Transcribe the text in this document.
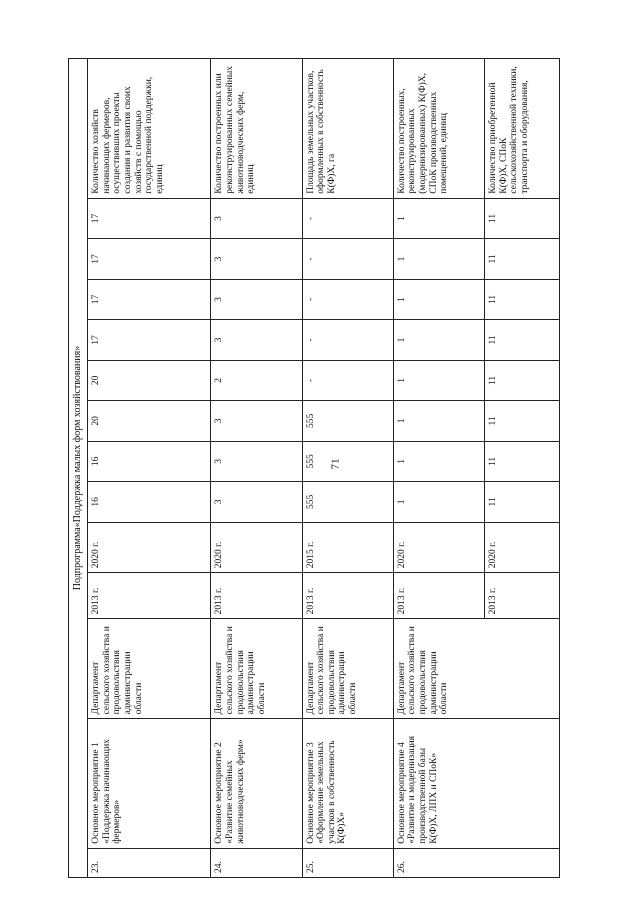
71
Подпрограмма«Поддержка малых форм хозяйствования»													
23.	Основное мероприятие 1 «Поддержка начинающих фермеров»	Департамент сельского хозяйства и продовольствия администрации области	2013 г.	2020 г.	16	16	20	20	17	17	17	17	Количество хозяйств начинающих фермеров, осуществивших проекты создания и развития своих хозяйств с помощью государственной поддержки, единиц
24.	Основное мероприятие 2 «Развитие семейных животноводческих ферм»	Департамент сельского хозяйства и продовольствия администрации области	2013 г.	2020 г.	3	3	3	2	3	3	3	3	Количество построенных или реконструированных семейных животноводческих ферм, единиц
25.	Основное мероприятие 3 «Оформление земельных участков в собственность К(Ф)Х»	Департамент сельского хозяйства и продовольствия администрации области	2013 г.	2015 г.	555	555	555	-	-	-	-	-	Площадь земельных участков, оформленных в собственность К(Ф)Х, га
26.	Основное мероприятие 4 «Развитие и модернизация производственной базы К(Ф)Х, ЛПХ и СПоК»	Департамент сельского хозяйства и продовольствия администрации области	2013 г.	2020 г.	1	1	1	1	1	1	1	1	Количество построенных, реконструированных (модернизированных) К(Ф)Х, СПоК производственных помещений, единиц
			2013 г.	2020 г.	11	11	11	11	11	11	11	11	Количество приобретенной К(Ф)Х, СПоК сельскохозяйственной техники, транспорта и оборудования,
